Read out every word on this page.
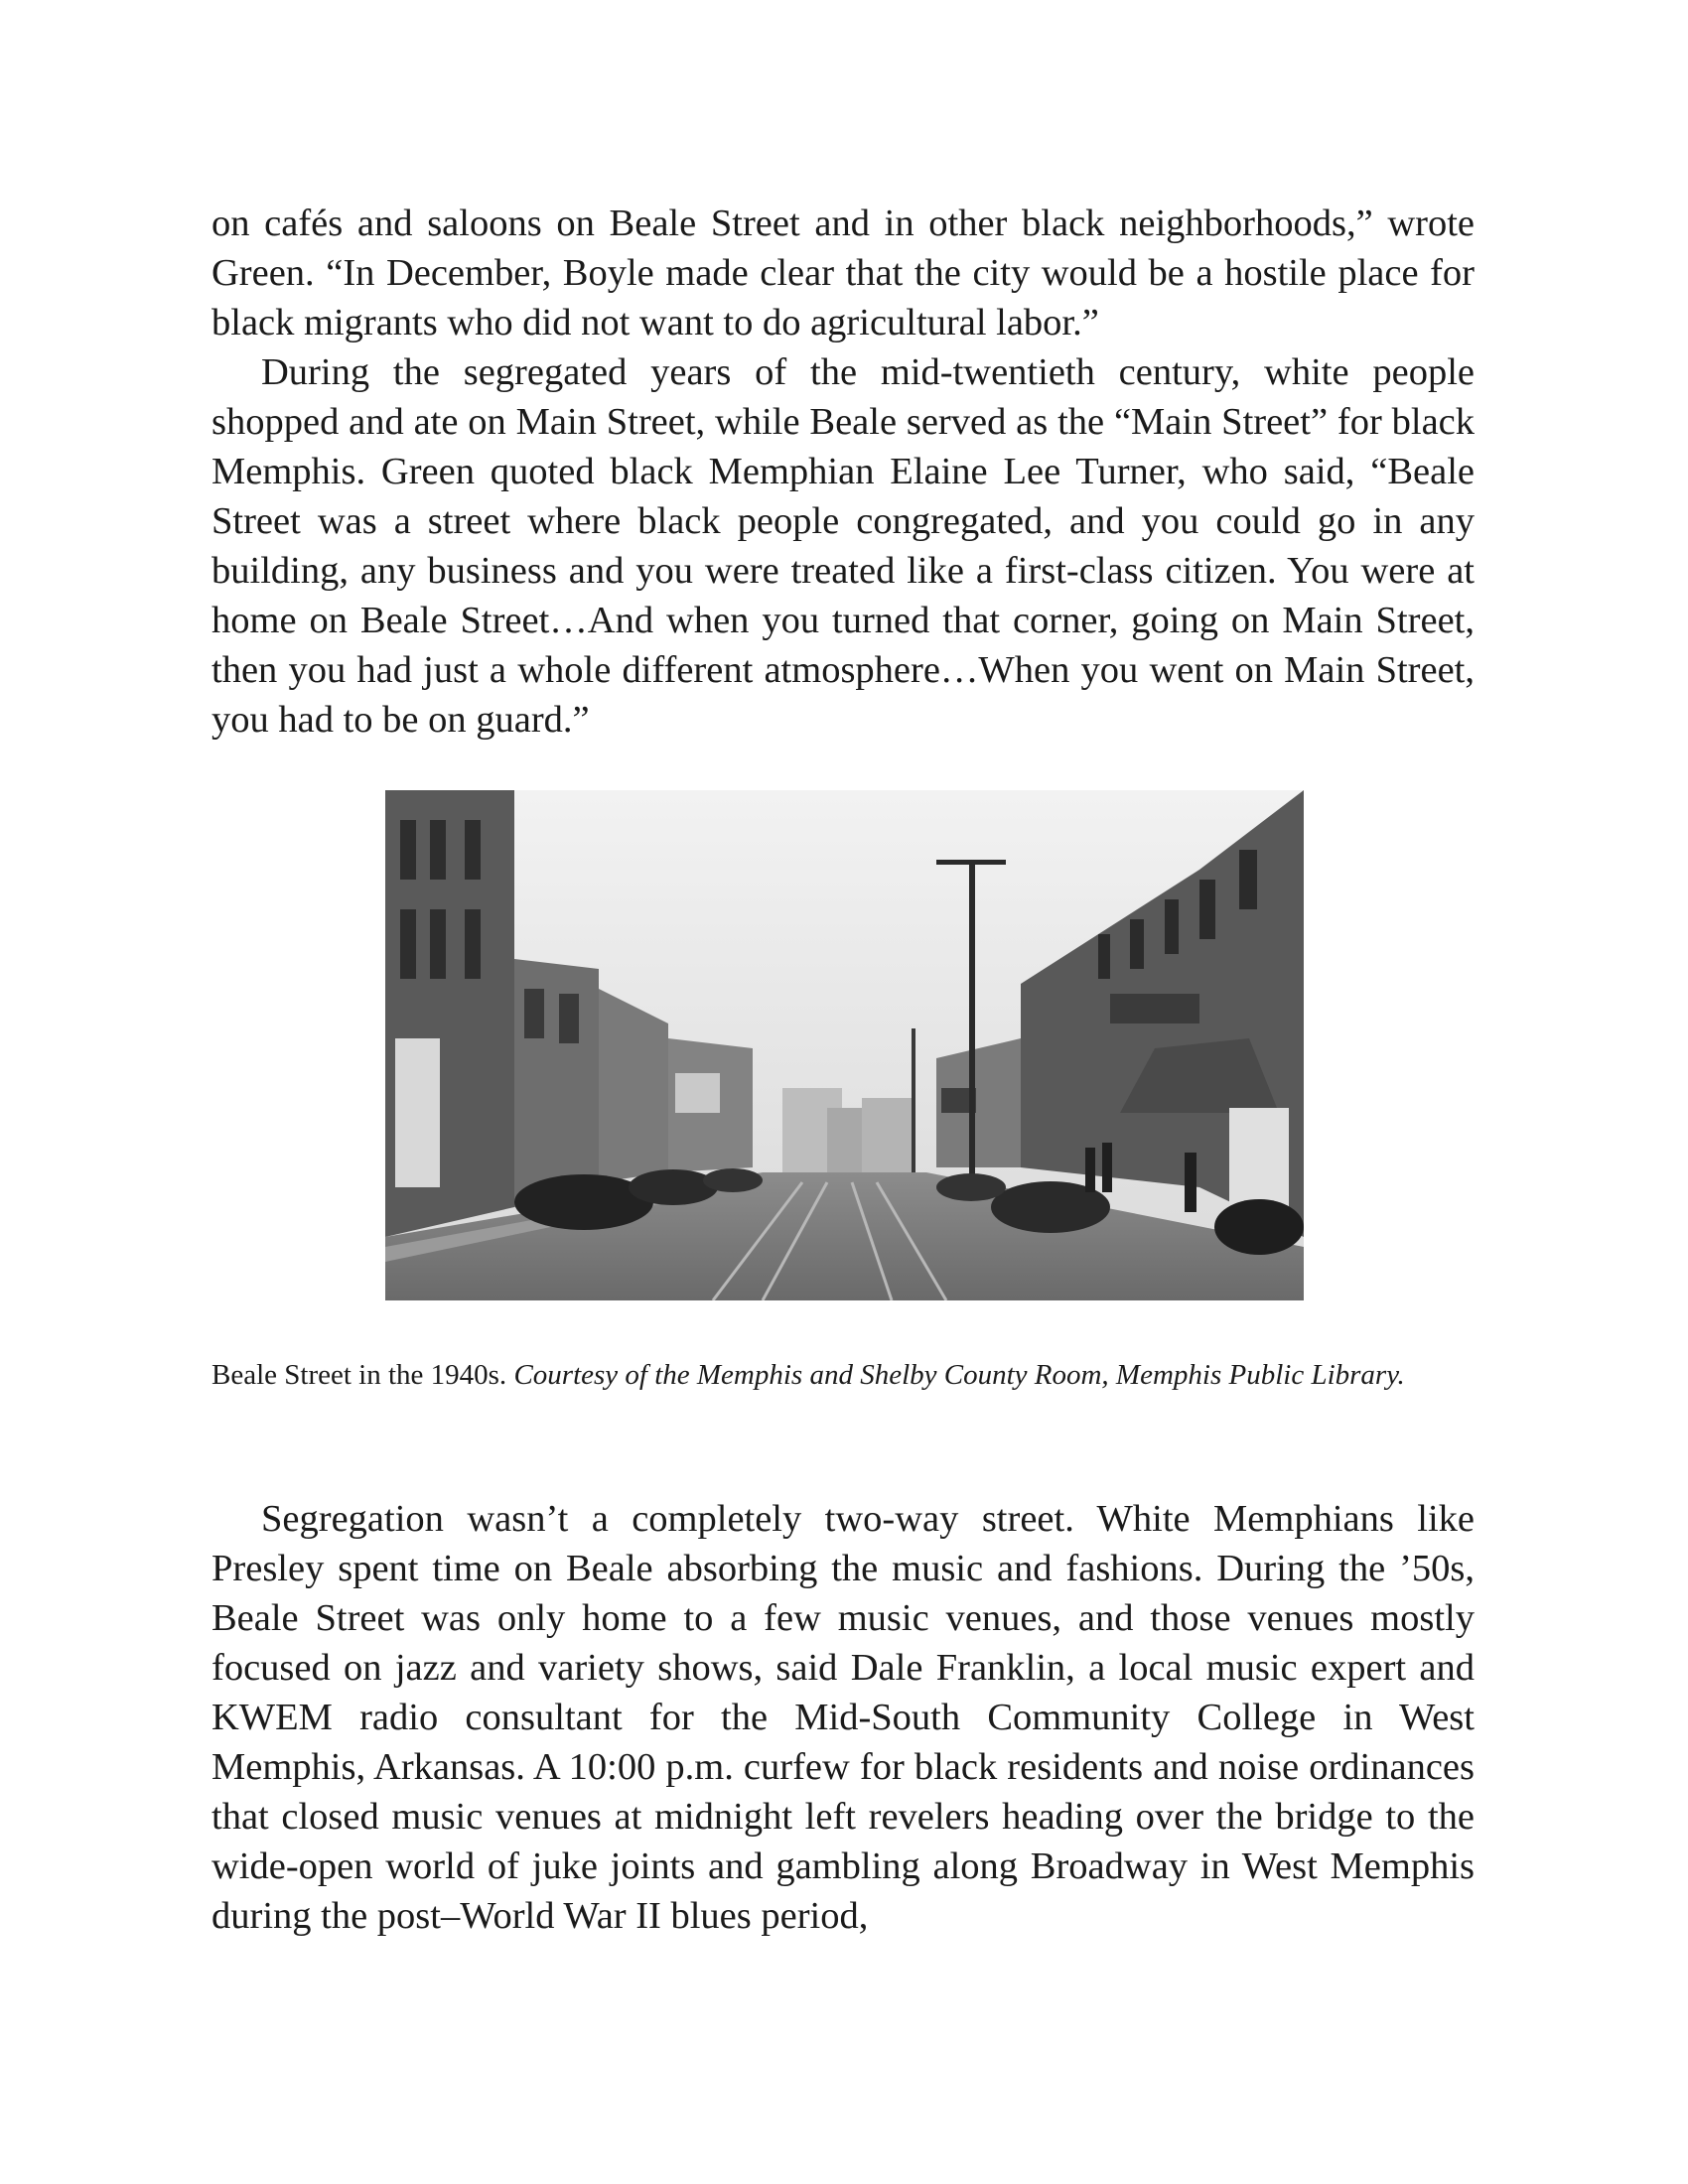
on cafés and saloons on Beale Street and in other black neighborhoods,” wrote Green. “In December, Boyle made clear that the city would be a hostile place for black migrants who did not want to do agricultural labor.”

During the segregated years of the mid-twentieth century, white people shopped and ate on Main Street, while Beale served as the “Main Street” for black Memphis. Green quoted black Memphian Elaine Lee Turner, who said, “Beale Street was a street where black people congregated, and you could go in any building, any business and you were treated like a first-class citizen. You were at home on Beale Street…And when you turned that corner, going on Main Street, then you had just a whole different atmosphere…When you went on Main Street, you had to be on guard.”

Beale Street in the 1940s. Courtesy of the Memphis and Shelby County Room, Memphis Public Library.

Segregation wasn’t a completely two-way street. White Memphians like Presley spent time on Beale absorbing the music and fashions. During the ’50s, Beale Street was only home to a few music venues, and those venues mostly focused on jazz and variety shows, said Dale Franklin, a local music expert and KWEM radio consultant for the Mid-South Community College in West Memphis, Arkansas. A 10:00 p.m. curfew for black residents and noise ordinances that closed music venues at midnight left revelers heading over the bridge to the wide-open world of juke joints and gambling along Broadway in West Memphis during the post–World War II blues period,
